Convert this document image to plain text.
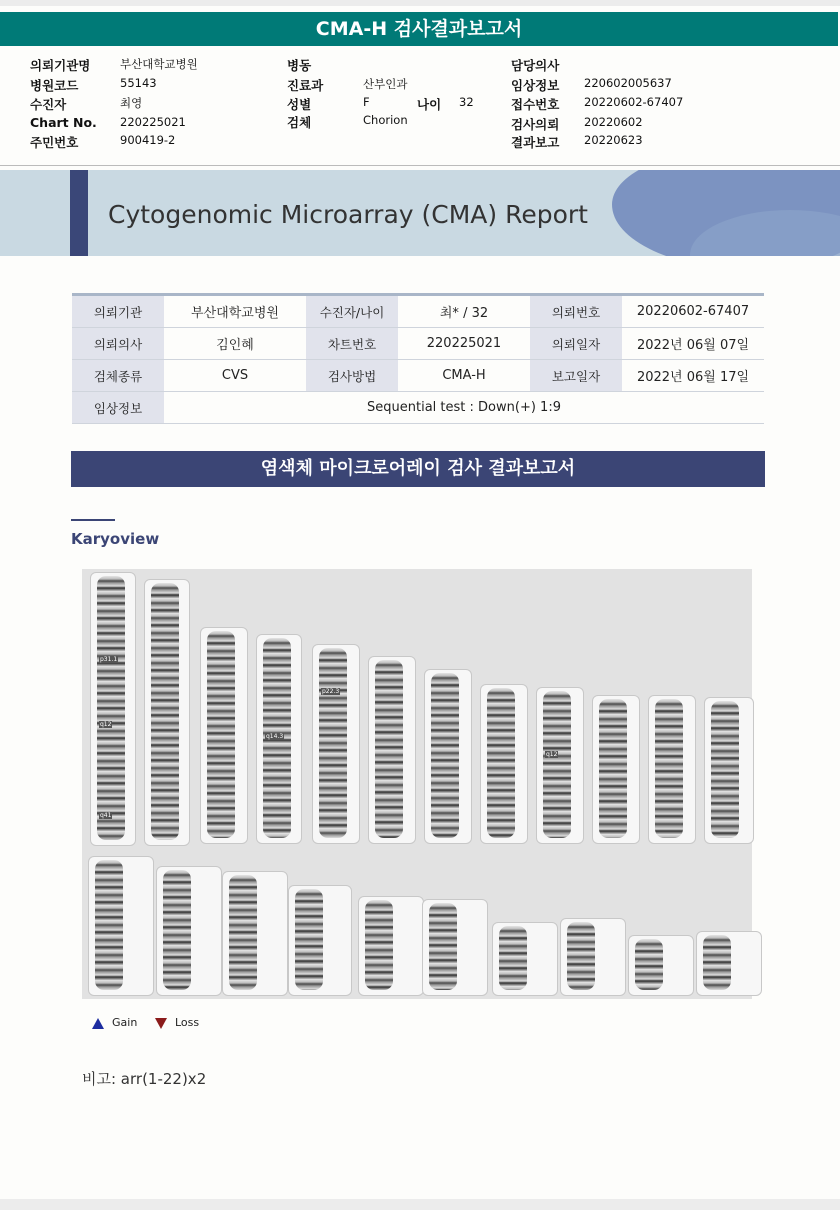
CMA-H 검사결과보고서
의뢰기관명	부산대학교병원
병원코드	55143
수진자	최영
Chart No. 220225021
주민번호	900419-2
병동
진료과	산부인과
성별	F	나이 32
검체	Chorion
담당의사
임상정보 220602005637
접수번호 20220602-67407
검사의뢰 20220602
결과보고 20220623
Cytogenomic Microarray (CMA) Report
의뢰기관	부산대학교병원	수진자/나이	최* / 32	의뢰번호	20220602-67407
의뢰의사	김인혜	차트번호	220225021	의뢰일자	2022년 06월 07일
검체종류	CVS	검사방법	CMA-H	보고일자	2022년 06월 17일
임상정보	Sequential test : Down(+) 1:9				
염색체 마이크로어레이 검사 결과보고서
Karyoview
p31.1
q12
q41
q14.3
p22.3
q12
Gain	Loss
비고: arr(1-22)x2
